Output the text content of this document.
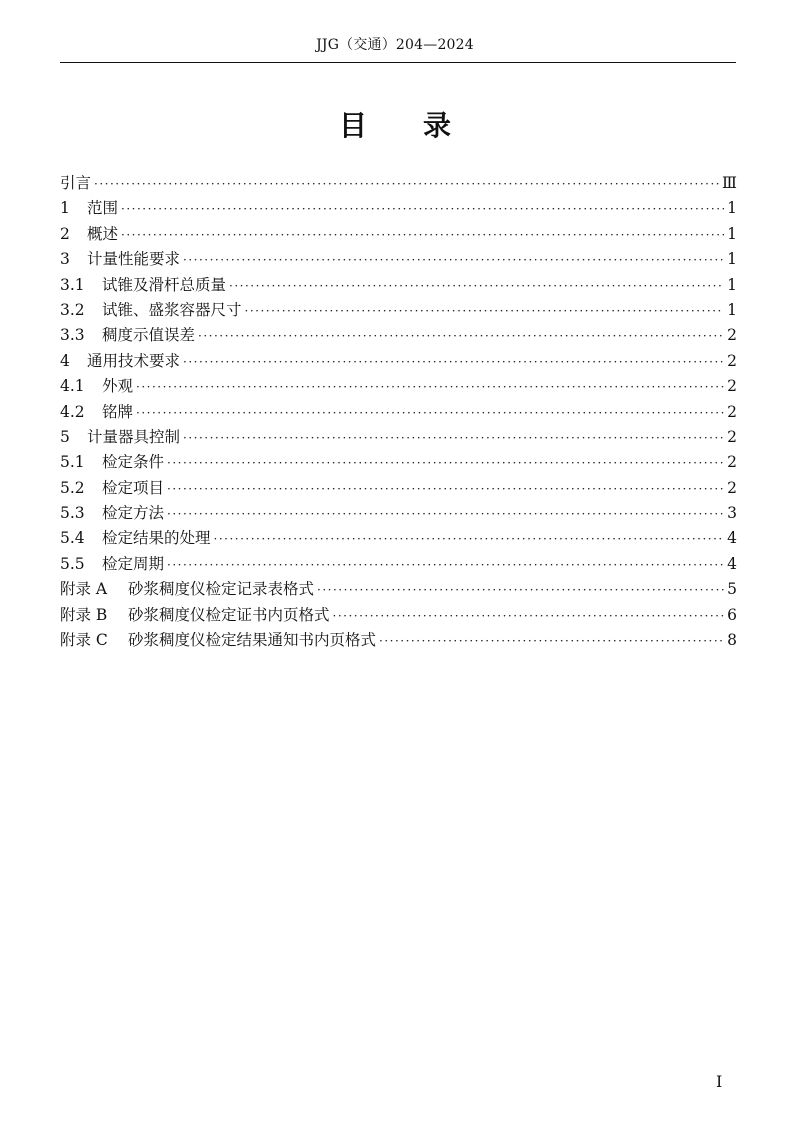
JJG（交通）204—2024
目录
引言 ·····	Ⅲ
1	范围 ·····	1
2	概述 ·····	1
3	计量性能要求 ·····	1
3.1	试锥及滑杆总质量 ·····	1
3.2	试锥、盛浆容器尺寸 ·····	1
3.3	稠度示值误差 ·····	2
4	通用技术要求 ·····	2
4.1	外观 ·····	2
4.2	铭牌 ·····	2
5	计量器具控制 ·····	2
5.1	检定条件 ·····	2
5.2	检定项目 ·····	2
5.3	检定方法 ·····	3
5.4	检定结果的处理 ·····	4
5.5	检定周期 ·····	4
附录 A	砂浆稠度仪检定记录表格式 ·····	5
附录 B	砂浆稠度仪检定证书内页格式 ·····	6
附录 C	砂浆稠度仪检定结果通知书内页格式 ·····	8
Ⅰ
